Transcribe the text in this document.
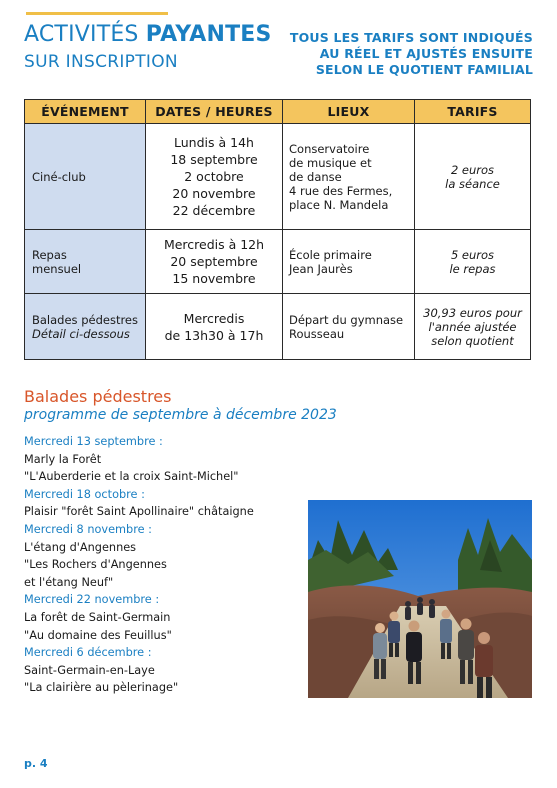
ACTIVITÉS PAYANTES
SUR INSCRIPTION
TOUS LES TARIFS SONT INDIQUÉS
AU RÉEL ET AJUSTÉS ENSUITE
SELON LE QUOTIENT FAMILIAL
ÉVÉNEMENT	DATES / HEURES	LIEUX	TARIFS

Ciné-club	Lundis à 14h
18 septembre
2 octobre
20 novembre
22 décembre	Conservatoire
de musique et
de danse
4 rue des Fermes,
place N. Mandela	2 euros
la séance

Repas
mensuel	Mercredis à 12h
20 septembre
15 novembre	École primaire
Jean Jaurès	5 euros
le repas

Balades pédestres
Détail ci-dessous	Mercredis
de 13h30 à 17h	Départ du gymnase
Rousseau	30,93 euros pour
l'année ajustée
selon quotient
Balades pédestres
programme de septembre à décembre 2023
Mercredi 13 septembre :
Marly la Forêt
"L'Auberderie et la croix Saint-Michel"
Mercredi 18 octobre :
Plaisir "forêt Saint Apollinaire" châtaigne
Mercredi 8 novembre :
L'étang d'Angennes
"Les Rochers d'Angennes
et l'étang Neuf"
Mercredi 22 novembre :
La forêt de Saint-Germain
"Au domaine des Feuillus"
Mercredi 6 décembre :
Saint-Germain-en-Laye
"La clairière au pèlerinage"
p. 4
